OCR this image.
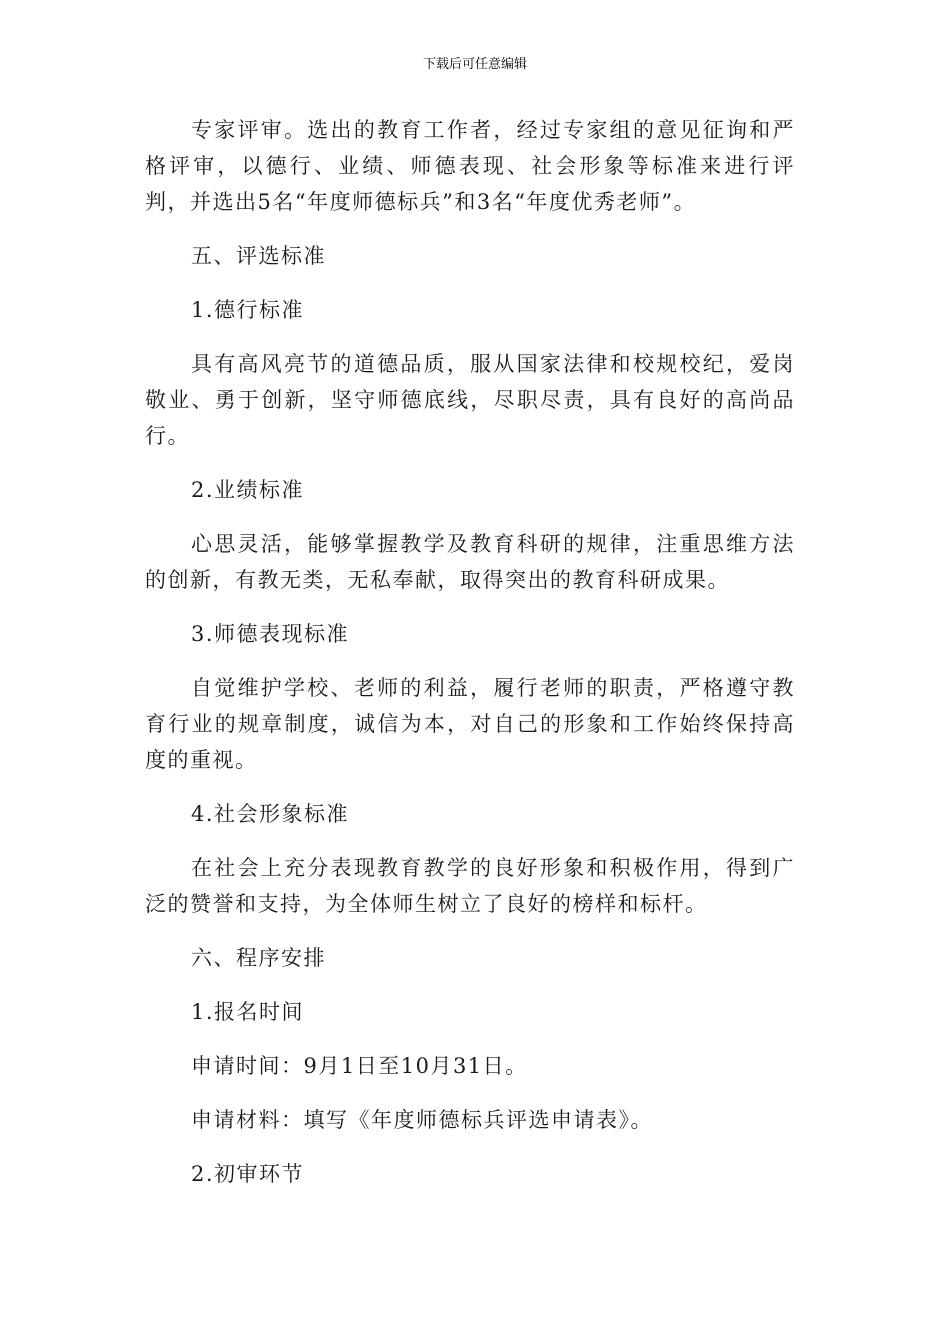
下载后可任意编辑

专家评审。选出的教育工作者，经过专家组的意见征询和严格评审，以德行、业绩、师德表现、社会形象等标准来进行评判，并选出5名“年度师德标兵”和3名“年度优秀老师”。

五、评选标准

1.德行标准

具有高风亮节的道德品质，服从国家法律和校规校纪，爱岗敬业、勇于创新，坚守师德底线，尽职尽责，具有良好的高尚品行。

2.业绩标准

心思灵活，能够掌握教学及教育科研的规律，注重思维方法的创新，有教无类，无私奉献，取得突出的教育科研成果。

3.师德表现标准

自觉维护学校、老师的利益，履行老师的职责，严格遵守教育行业的规章制度，诚信为本，对自己的形象和工作始终保持高度的重视。

4.社会形象标准

在社会上充分表现教育教学的良好形象和积极作用，得到广泛的赞誉和支持，为全体师生树立了良好的榜样和标杆。

六、程序安排

1.报名时间

申请时间：9月1日至10月31日。

申请材料：填写《年度师德标兵评选申请表》。

2.初审环节
